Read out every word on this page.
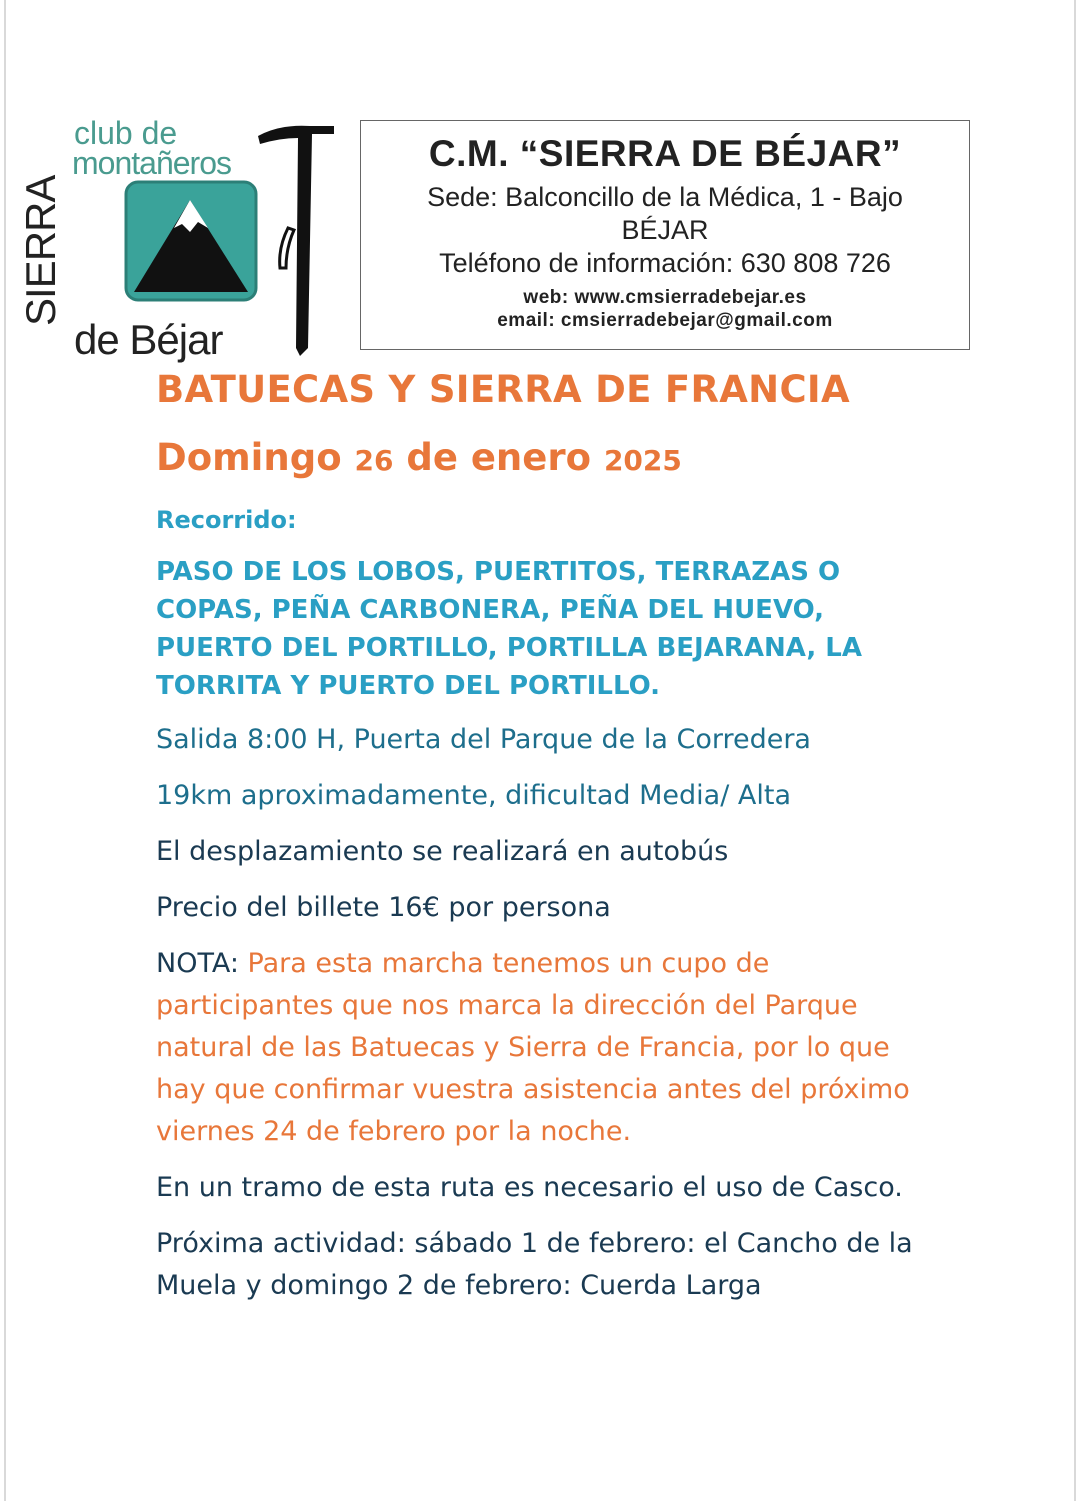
club de
montañeros
SIERRA
de Béjar
C.M. “SIERRA DE BÉJAR”
Sede: Balconcillo de la Médica, 1 - Bajo
BÉJAR
Teléfono de información: 630 808 726
web: www.cmsierradebejar.es
email: cmsierradebejar@gmail.com
BATUECAS Y SIERRA DE FRANCIA
Domingo 26 de enero 2025
Recorrido:
PASO DE LOS LOBOS, PUERTITOS, TERRAZAS O COPAS, PEÑA CARBONERA, PEÑA DEL HUEVO, PUERTO DEL PORTILLO, PORTILLA BEJARANA, LA TORRITA Y PUERTO DEL PORTILLO.
Salida 8:00 H, Puerta del Parque de la Corredera
19km aproximadamente, dificultad Media/ Alta
El desplazamiento se realizará en autobús
Precio del billete 16€ por persona
NOTA: Para esta marcha tenemos un cupo de participantes que nos marca la dirección del Parque natural de las Batuecas y Sierra de Francia, por lo que hay que confirmar vuestra asistencia antes del próximo viernes 24 de febrero por la noche.
En un tramo de esta ruta es necesario el uso de Casco.
Próxima actividad: sábado 1 de febrero: el Cancho de la Muela y domingo 2 de febrero: Cuerda Larga
